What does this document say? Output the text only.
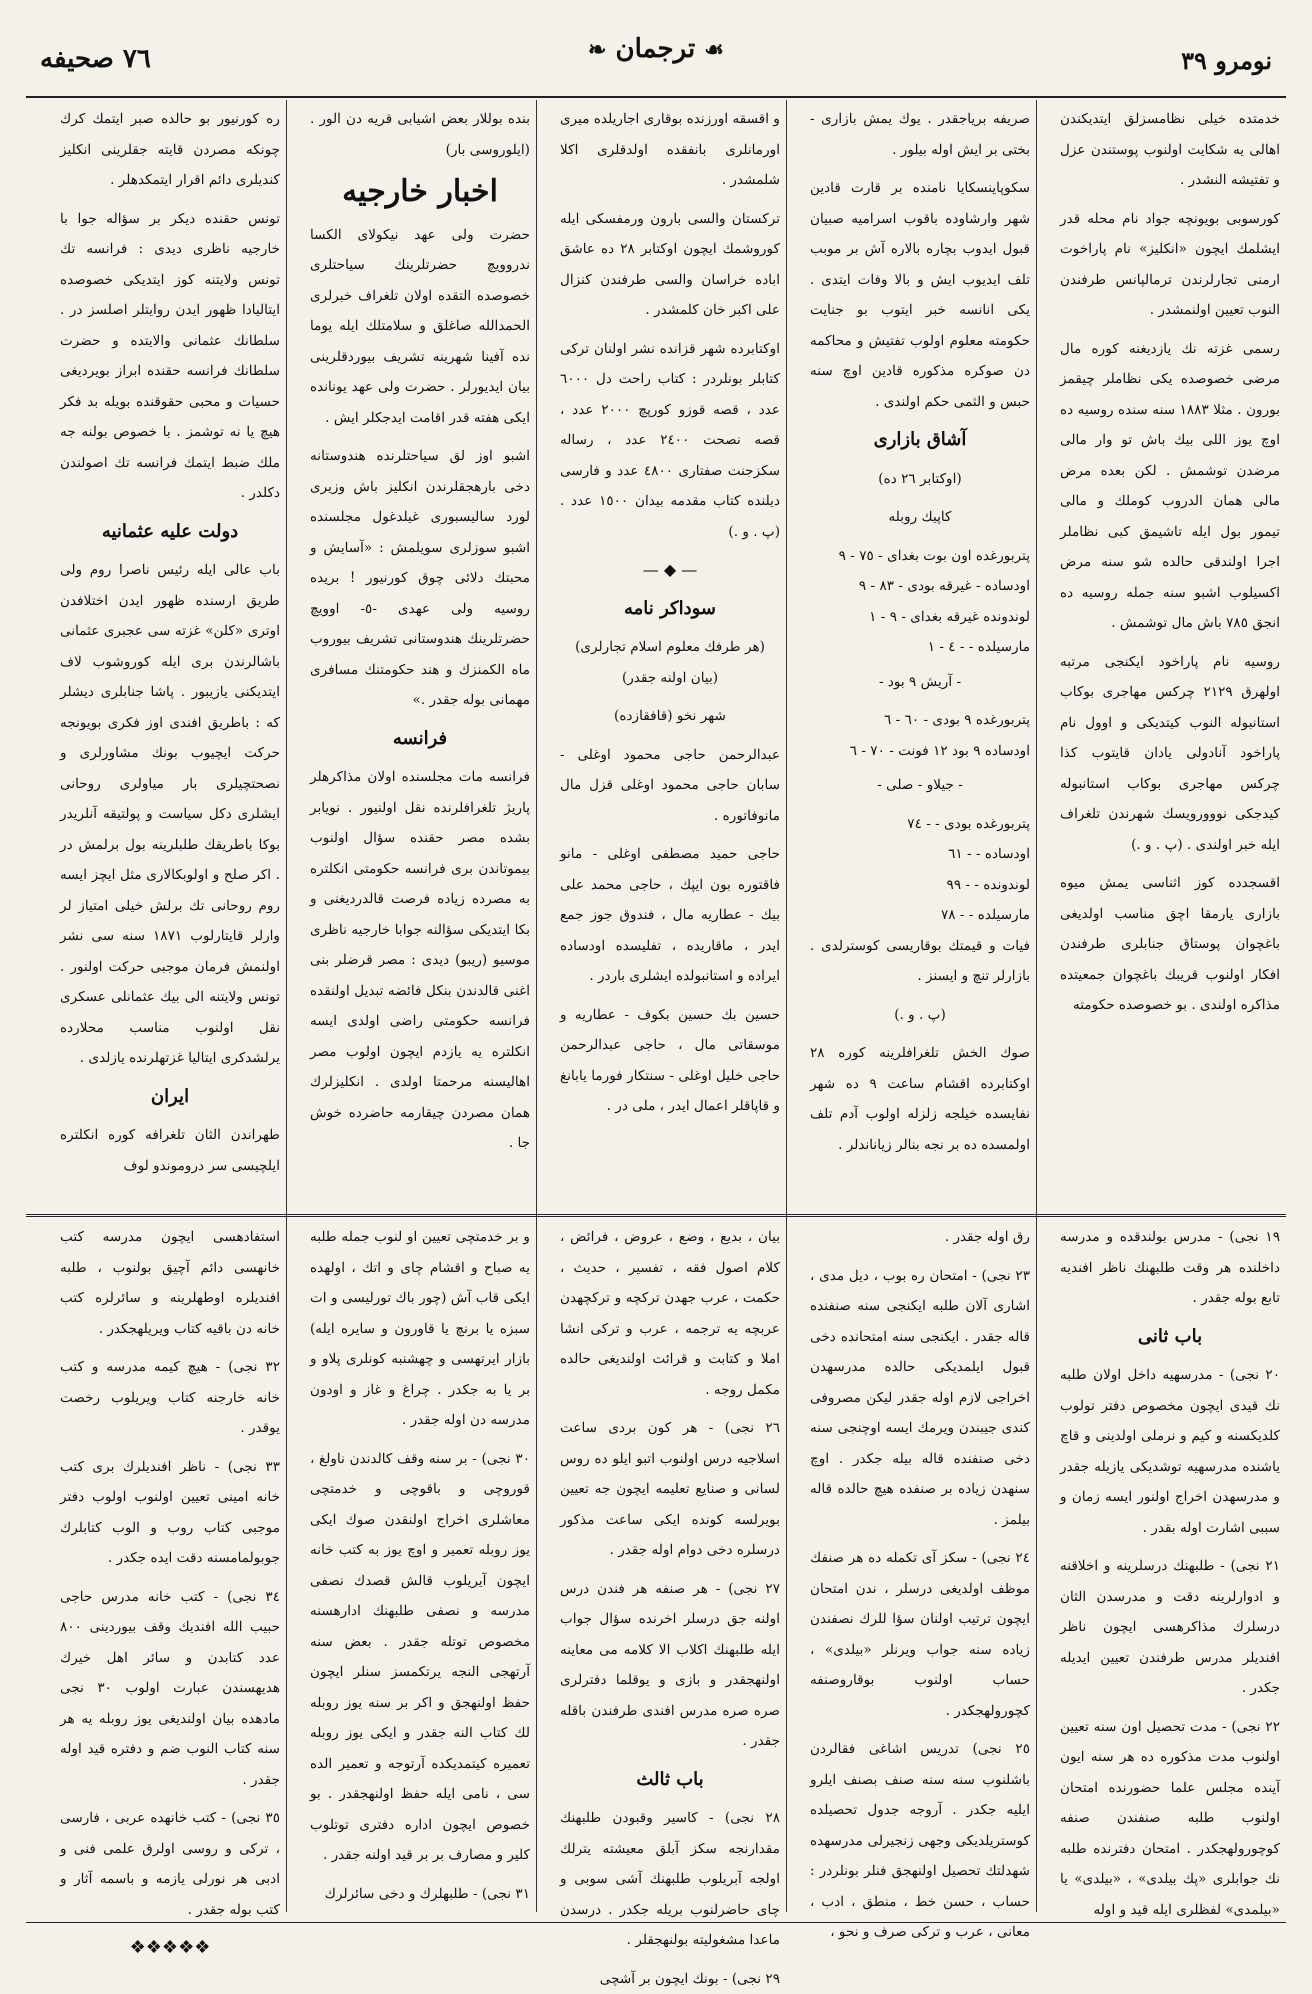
نومرو ٣٩
☙ ترجمان ❧
٧٦ صحيفه

خدمتده خيلى نظامسزلق ايتديكندن اهالى يه شكايت اولنوب پوستندن عزل و تفتيشه النشدر .

كورسوبى بويونچه جواد نام محله قدر ايشلمك ايچون «انكليز» نام پاراخوت ارمنى تجارلرندن ترمالپانس طرفندن النوب تعيين اولنمشدر .

رسمى غزته نك يازديغنه كوره مال مرضى خصوصده يكى نظاملر چيقمز بورون . مثلا ١٨٨٣ سنه سنده روسيه ده اوچ يوز اللى بيك باش تو وار مالى مرضدن توشمش . لكن بعده مرض مالى همان الدروب كوملك و مالى تيمور بول ايله تاشيمق كبى نظاملر اجرا اولندقى حالده شو سنه مرض اكسيلوب اشبو سنه جمله روسيه ده انجق ٧٨٥ باش مال توشمش .

روسيه نام پاراخود ايكنجى مرتبه اولهرق ٢١٢٩ چركس مهاجرى بوكاب استانبوله النوب كيتديكى و اوول نام پاراخود آنادولى يادان قايتوب كذا چركس مهاجرى بوكاب استانبوله كيدجكى نووورويسك شهرندن تلغراف ايله خبر اولندى . (پ . و .)

اقسجدده كوز اثناسى يمش ميوه بازارى يارمقا اچق مناسب اولديغى باغچوان پوستاق جنابلرى طرفندن افكار اولنوب قريبك باغچوان جمعيتده مذاكره اولندى . بو خصوصده حكومته

صريفه برياجقدر . يوك يمش بازارى - بختى بر ايش اوله بيلور .

سكوپاينسكايا نامنده بر قارت قادين شهر وارشاوده باقوب اسراميه صبيان قبول ايدوب بچاره بالاره آش بر موبب تلف ايديوب ايش و بالا وفات ايتدى . يكى انانسه خبر ايتوب بو جنايت حكومته معلوم اولوب تفتيش و محاكمه دن صوكره مذكوره قادين اوچ سنه حبس و الثمى حكم اولندى .

آشاق بازارى
(اوكتابر ٢٦ ده)
كاپيك روبله
پتربورغده اون بوت بغداى - ٧٥ - ٩
اودساده - غيرقه بودى - ٨٣ - ٩
لوندونده غيرقه بغداى - ٩ - ١
مارسيلده - - ٤ - ١
- آريش ٩ بود -
پتربورغده ٩ بودى - ٦٠ - ٦
اودساده ٩ بود ١٢ فونت - ٧٠ - ٦
- جيلاو - صلى -
پتربورغده بودى - - ٧٤
اودساده - - ٦١
لوندونده - - ٩٩
مارسيلده - - ٧٨

فيات و قيمتك بوقاريسى كوسترلدى . بازارلر تنچ و ايسنز .

(پ . و .)

صوك الخش تلغرافلرينه كوره ٢٨ اوكتابرده اقشام ساعت ٩ ده شهر نفايسده خيلجه زلزله اولوب آدم تلف اولمسده ده بر نجه بنالر زياناندلر .

و اقسقه اورزنده بوقارى اجاريلده ميرى اورمانلرى بانفقده اولدقلرى اكلا شلمشدر .

تركستان والسى بارون ورمفسكى ايله كوروشمك ايچون اوكتابر ٢٨ ده عاشق اباده خراسان والسى طرفندن كنزال على اكبر خان كلمشدر .

اوكتابرده شهر قزانده نشر اولنان تركى كتابلر بونلردر : كتاب راحت دل ٦٠٠٠ عدد ، قصه قوزو كورپچ ٢٠٠٠ عدد ، قصه نصحت ٢٤٠٠ عدد ، رساله سكزجنت صفتارى ٤٨٠٠ عدد و فارسى ديلنده كتاب مقدمه بيدان ١٥٠٠ عدد . (پ . و .)

— ◆ —
سوداكر نامه
(هر طرفك معلوم اسلام تجارلرى) (بيان اولنه جقدر)
شهر نخو (قافقازده)

عبدالرحمن حاجى محمود اوغلى - سابان حاجى محمود اوغلى قزل مال مانوفاتوره .

حاجى حميد مصطفى اوغلى - مانو فاقتوره بون ايپك ، حاجى محمد على بيك - عطاريه مال ، فندوق جوز جمع ايدر ، ماقاريده ، تفليسده اودساده ايراده و استانبولده ايشلرى باردر .

حسين بك حسين بكوف - عطاريه و موسقاتى مال ، حاجى عبدالرحمن حاجى خليل اوغلى - سنتكار فورما يابانغ و قاپاقلر اعمال ايدر ، ملى در .

بنده بوللار بعض اشيابى قريه دن الور . (ايلوروسى بار)

اخبار خارجيه

حضرت ولى عهد نيكولاى الكسا ندروويچ حضرتلرينك سياحتلرى خصوصده التقده اولان تلغراف خبرلرى الحمدالله صاغلق و سلامتلك ايله يوما نده آفينا شهرينه تشريف بيوردقلرينى بيان ايديورلر . حضرت ولى عهد يونانده ايكى هفته قدر اقامت ايدجكلر ايش .

اشبو اوز لق سياحتلرنده هندوستانه دخى بارهجقلرندن انكليز باش وزيرى لورد ساليسبورى غيلدغول مجلسنده اشبو سوزلرى سويلمش : «آسايش و محبتك دلائى چوق كورنيور ! بريده روسيه ولى عهدى -٥- اوويچ حضرتلرينك هندوستانى تشريف بيوروب ماه الكمنزك و هند حكومتنك مسافرى مهمانى بوله جقدر .»

فرانسه

فرانسه مات مجلسنده اولان مذاكرهلر پاريژ تلغرافلرنده نقل اولنيور . نويابر بشده مصر حقنده سؤال اولنوب بيموتاندن برى فرانسه حكومتى انكلتره به مصرده زياده فرصت قالدرديغنى و بكا ايتديكى سؤالنه جوابا خارجيه ناظرى موسيو (ريبو) ديدى : مصر قرضلر بنى اغنى قالدندن بنكل فائضه تبديل اولنقده فرانسه حكومتى راضى اولدى ايسه انكلتره يه يازدم ايچون اولوب مصر اهاليسنه مرحمتا اولدى . انكليزلرك همان مصردن چيقارمه حاضرده خوش جا .

ره كورنيور بو حالده صبر ايتمك كرك چونكه مصردن قايته جقلرينى انكليز كنديلرى دائم اقرار ايتمكدهلر .

تونس حقنده ديكر بر سؤاله جوا با خارجيه ناظرى ديدى : فرانسه تك تونس ولايتنه كوز ايتديكى خصوصده ايتاليادا ظهور ايدن روايتلر اصلسز در . سلطانك عثمانى والايتده و حضرت سلطانك فرانسه حقنده ابراز بويرديغى حسيات و محبى حقوقنده بويله بد فكر هيچ يا نه توشمز . با خصوص بولنه جه ملك ضبط ايتمك فرانسه تك اصولندن دكلدر .

دولت عليه عثمانيه

باب عالى ايله رئيس ناصرا روم ولى طريق ارسنده ظهور ايدن اختلافدن اوترى «كلن» غزته سى عجبرى عثمانى باشالرندن برى ايله كوروشوب لاف ايتديكنى يازيبور . پاشا جنابلرى ديشلر كه : باطريق افندى اوز فكرى بويونجه حركت ايچيوب بونك مشاورلرى و نصحتچيلرى بار مياولرى روحانى ايشلرى دكل سياست و پولتيقه آنلريدر بوكا باطريقك طلبلرينه بول برلمش در . اكر صلح و اولوبكالارى مثل ايچز ايسه روم روحانى تك برلش خيلى امتياز لر وارلر قايتارلوب ١٨٧١ سنه سى نشر اولنمش فرمان موجبى حركت اولنور . تونس ولايتنه الى بيك عثمانلى عسكرى نقل اولنوب مناسب محلارده يرلشدكرى ايتاليا غزتهلرنده يازلدى .

ايران

طهراندن الثان تلغرافه كوره انكلتره ايلچيسى سر دروموندو لوف

١٩ نجى) - مدرس بولندقده و مدرسه داخلنده هر وقت طلبهنك ناظر افنديه تابع بوله جقدر .

باب ثانى

٢٠ نجى) - مدرسهيه داخل اولان طلبه نك قيدى ايچون مخصوص دفتر تولوب كلديكسنه و كيم و نرملى اولدينى و قاچ ياشنده مدرسهيه توشديكى يازيله جقدر و مدرسهدن اخراج اولنور ايسه زمان و سببى اشارت اوله بقدر .

٢١ نجى) - طلبهنك درسلرينه و اخلاقنه و ادوارلرينه دقت و مدرسدن الثان درسلرك مذاكرهسى ايچون ناظر افنديلر مدرس طرفندن تعيين ايديله جكدر .

٢٢ نجى) - مدت تحصيل اون سنه تعيين اولنوب مدت مذكوره ده هر سنه ايون آينده مجلس علما حضورنده امتحان اولنوب طلبه صنفندن صنفه كوچورولهجكدر . امتحان دفترنده طلبه نك جوابلرى «پك بيلدى» ، «بيلدى» يا «بيلمدى» لفظلرى ايله قيد و اوله

رق اوله جقدر .

٢٣ نجى) - امتحان ره بوب ، ديل مدى ، اشارى آلان طلبه ايكنجى سنه صنفنده قاله جقدر . ايكنجى سنه امتحانده دخى قبول ايلمديكى حالده مدرسهدن اخراجى لازم اوله جقدر ليكن مصروفى كندى جيبندن ويرمك ايسه اوچنجى سنه دخى صنفنده قاله بيله جكدر . اوچ سنهدن زياده بر صنفده هيچ حالده قاله بيلمز .

٢٤ نجى) - سكز آى تكمله ده هر صنفك موظف اولديغى درسلر ، ندن امتحان ايچون ترتيب اولنان سؤا للرك نصفندن زياده سنه جواب ويرنلر «بيلدى» ، حساب اولنوب بوقاروصنفه كچورولهجكدر .

٢٥ نجى) تدريس اشاغى فقالردن باشلنوب سنه سنه صنف بصنف ايلرو ايليه جكدر . آروجه جدول تحصيلده كوستريلديكى وجهى زنجيرلى مدرسهده شهدلتك تحصيل اولنهجق فنلر بونلردر : حساب ، حسن خط ، منطق ، ادب ، معانى ، عرب و تركى صرف و نحو ،

بيان ، بديع ، وضع ، عروض ، فرائض ، كلام اصول فقه ، تفسير ، حديث ، حكمت ، عرب جهدن تركچه و تركچهدن عربچه يه ترجمه ، عرب و تركى انشا املا و كتابت و قرائت اولنديغى حالده مكمل روجه .

٢٦ نجى) - هر كون بردى ساعت اسلاجيه درس اولنوب اتبو ايلو ده روس لسانى و صنايع تعليمه ايچون جه تعيين بويرلسه كونده ايكى ساعت مذكور درسلره دخى دوام اوله جقدر .

٢٧ نجى) - هر صنفه هر فندن درس اولنه جق درسلر اخرنده سؤال جواب ايله طلبهنك اكلاب الا كلامه مى معاينه اولنهجقدر و بازى و يوقلما دفترلرى صره صره مدرس افندى طرفندن باقله جقدر .

باب ثالث

٢٨ نجى) - كاسير وقبودن طلبهنك مقدارنجه سكز آبلق معيشته يترلك اولجه آبريلوب طلبهنك آشى سوبى و چاى حاضرلنوب بريله جكدر . درسدن ماعدا مشغوليته بولنهجقلر .

٢٩ نجى) - بونك ايچون بر آشچى

و بر خدمتچى تعيين او لنوب جمله طلبه يه صباح و اقشام چاى و اتك ، اولهده ايكى قاب آش (چور باك تورليسى و ات سبزه يا برنچ يا قاورون و سايره ايله) بازار ايرتهسى و چهشنبه كونلرى پلاو و بر يا به جكدر . چراغ و غاز و اودون مدرسه دن اوله جقدر .

٣٠ نجى) - بر سنه وقف كالدندن ناولغ ، قوروچى و باقوچى و خدمتچى معاشلرى اخراج اولنقدن صوك ايكى يوز روبله تعمير و اوچ يوز به كتب خانه ايچون آيريلوب قالش قصدك نصفى مدرسه و نصفى طلبهنك ادارهسنه مخصوص توتله جقدر . بعض سنه آرتهجى النجه يرتكمسز سنلر ايچون حفظ اولنهجق و اكر بر سنه يوز روبله لك كتاب النه جقدر و ايكى يوز روبله تعميره كيتمديكده آرتوجه و تعمير الده سى ، نامى ايله حفظ اولنهجقدر . بو خصوص ايچون اداره دفترى توتلوب كلير و مصارف بر بر قيد اولنه جقدر .

٣١ نجى) - طلبهلرك و دخى سائرلرك

استفادهسى ايچون مدرسه كتب خانهسى دائم آچيق بولنوب ، طلبه افنديلره اوطهلرينه و سائرلره كتب خانه دن باقيه كتاب ويريلهجكدر .

٣٢ نجى) - هيچ كيمه مدرسه و كتب خانه خارجنه كتاب ويريلوب رخصت يوقدر .

٣٣ نجى) - ناظر افنديلرك برى كتب خانه امينى تعيين اولنوب اولوب دفتر موجبى كتاب روب و الوب كتابلرك جوبولمامسنه دقت ايده جكدر .

٣٤ نجى) - كتب خانه مدرس حاجى حبيب الله افنديك وقف بيوردينى ٨٠٠ عدد كتابدن و سائر اهل خيرك هديهسندن عبارت اولوب ٣٠ نجى مادهده بيان اولنديغى يوز روبله يه هر سنه كتاب النوب ضم و دفتره قيد اوله جقدر .

٣٥ نجى) - كتب خانهده عربى ، فارسى ، تركى و روسى اولرق علمى فنى و ادبى هر نورلى يازمه و باسمه آثار و كتب بوله جقدر .

❖❖❖❖❖
